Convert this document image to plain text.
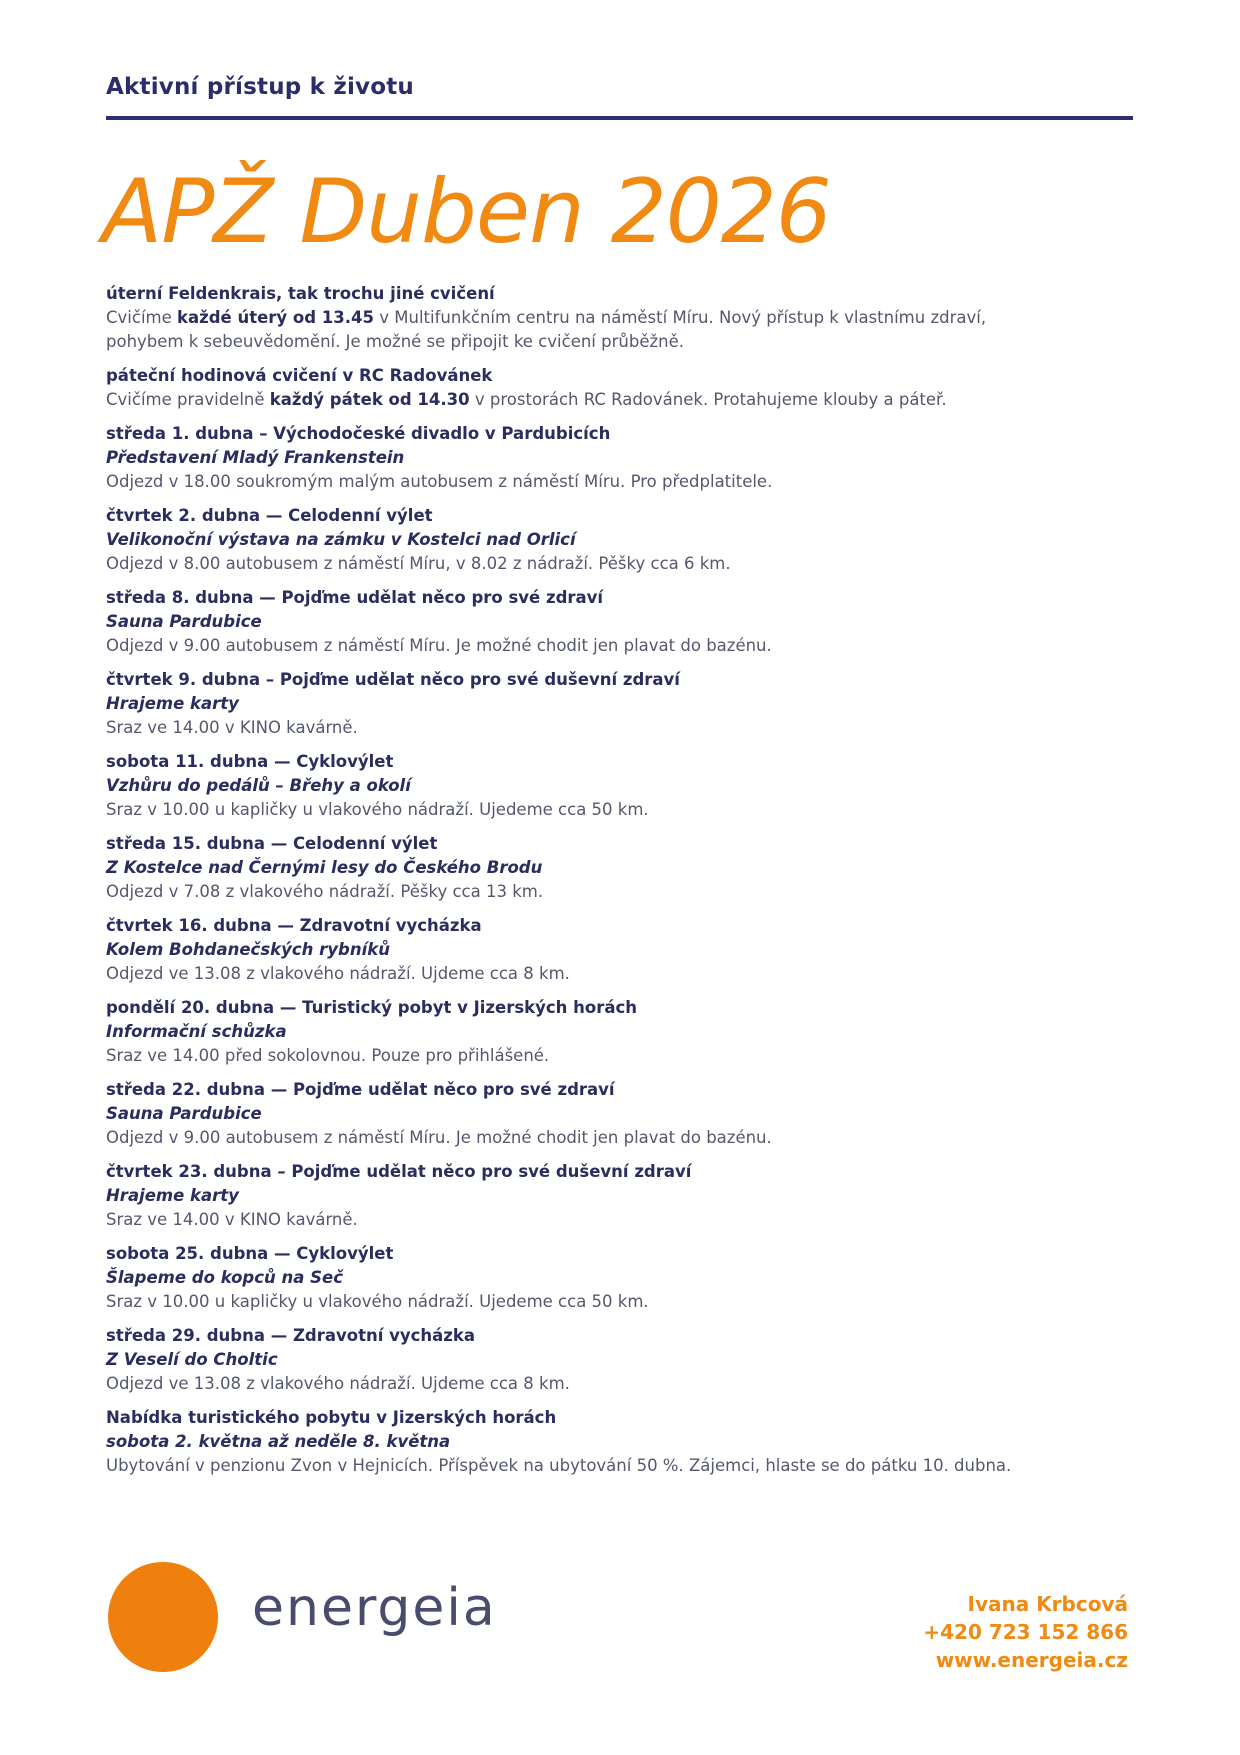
Aktivní přístup k životu
APŽ Duben 2026
úterní Feldenkrais, tak trochu jiné cvičení
Cvičíme každé úterý od 13.45 v Multifunkčním centru na náměstí Míru. Nový přístup k vlastnímu zdraví, pohybem k sebeuvědomění. Je možné se připojit ke cvičení průběžně.
páteční hodinová cvičení v RC Radovánek
Cvičíme pravidelně každý pátek od 14.30 v prostorách RC Radovánek. Protahujeme klouby a páteř.
středa 1. dubna – Východočeské divadlo v Pardubicích
Představení Mladý Frankenstein
Odjezd v 18.00 soukromým malým autobusem z náměstí Míru. Pro předplatitele.
čtvrtek 2. dubna — Celodenní výlet
Velikonoční výstava na zámku v Kostelci nad Orlicí
Odjezd v 8.00 autobusem z náměstí Míru, v 8.02 z nádraží. Pěšky cca 6 km.
středa 8. dubna — Pojďme udělat něco pro své zdraví
Sauna Pardubice
Odjezd v 9.00 autobusem z náměstí Míru. Je možné chodit jen plavat do bazénu.
čtvrtek 9. dubna – Pojďme udělat něco pro své duševní zdraví
Hrajeme karty
Sraz ve 14.00 v KINO kavárně.
sobota 11. dubna — Cyklovýlet
Vzhůru do pedálů – Břehy a okolí
Sraz v 10.00 u kapličky u vlakového nádraží. Ujedeme cca 50 km.
středa 15. dubna — Celodenní výlet
Z Kostelce nad Černými lesy do Českého Brodu
Odjezd v 7.08 z vlakového nádraží. Pěšky cca 13 km.
čtvrtek 16. dubna — Zdravotní vycházka
Kolem Bohdanečských rybníků
Odjezd ve 13.08 z vlakového nádraží. Ujdeme cca 8 km.
pondělí 20. dubna — Turistický pobyt v Jizerských horách
Informační schůzka
Sraz ve 14.00 před sokolovnou. Pouze pro přihlášené.
středa 22. dubna — Pojďme udělat něco pro své zdraví
Sauna Pardubice
Odjezd v 9.00 autobusem z náměstí Míru. Je možné chodit jen plavat do bazénu.
čtvrtek 23. dubna – Pojďme udělat něco pro své duševní zdraví
Hrajeme karty
Sraz ve 14.00 v KINO kavárně.
sobota 25. dubna — Cyklovýlet
Šlapeme do kopců na Seč
Sraz v 10.00 u kapličky u vlakového nádraží. Ujedeme cca 50 km.
středa 29. dubna — Zdravotní vycházka
Z Veselí do Choltic
Odjezd ve 13.08 z vlakového nádraží. Ujdeme cca 8 km.
Nabídka turistického pobytu v Jizerských horách
sobota 2. května až neděle 8. května
Ubytování v penzionu Zvon v Hejnicích. Příspěvek na ubytování 50 %. Zájemci, hlaste se do pátku 10. dubna.
energeia	Ivana Krbcová
+420 723 152 866
www.energeia.cz
